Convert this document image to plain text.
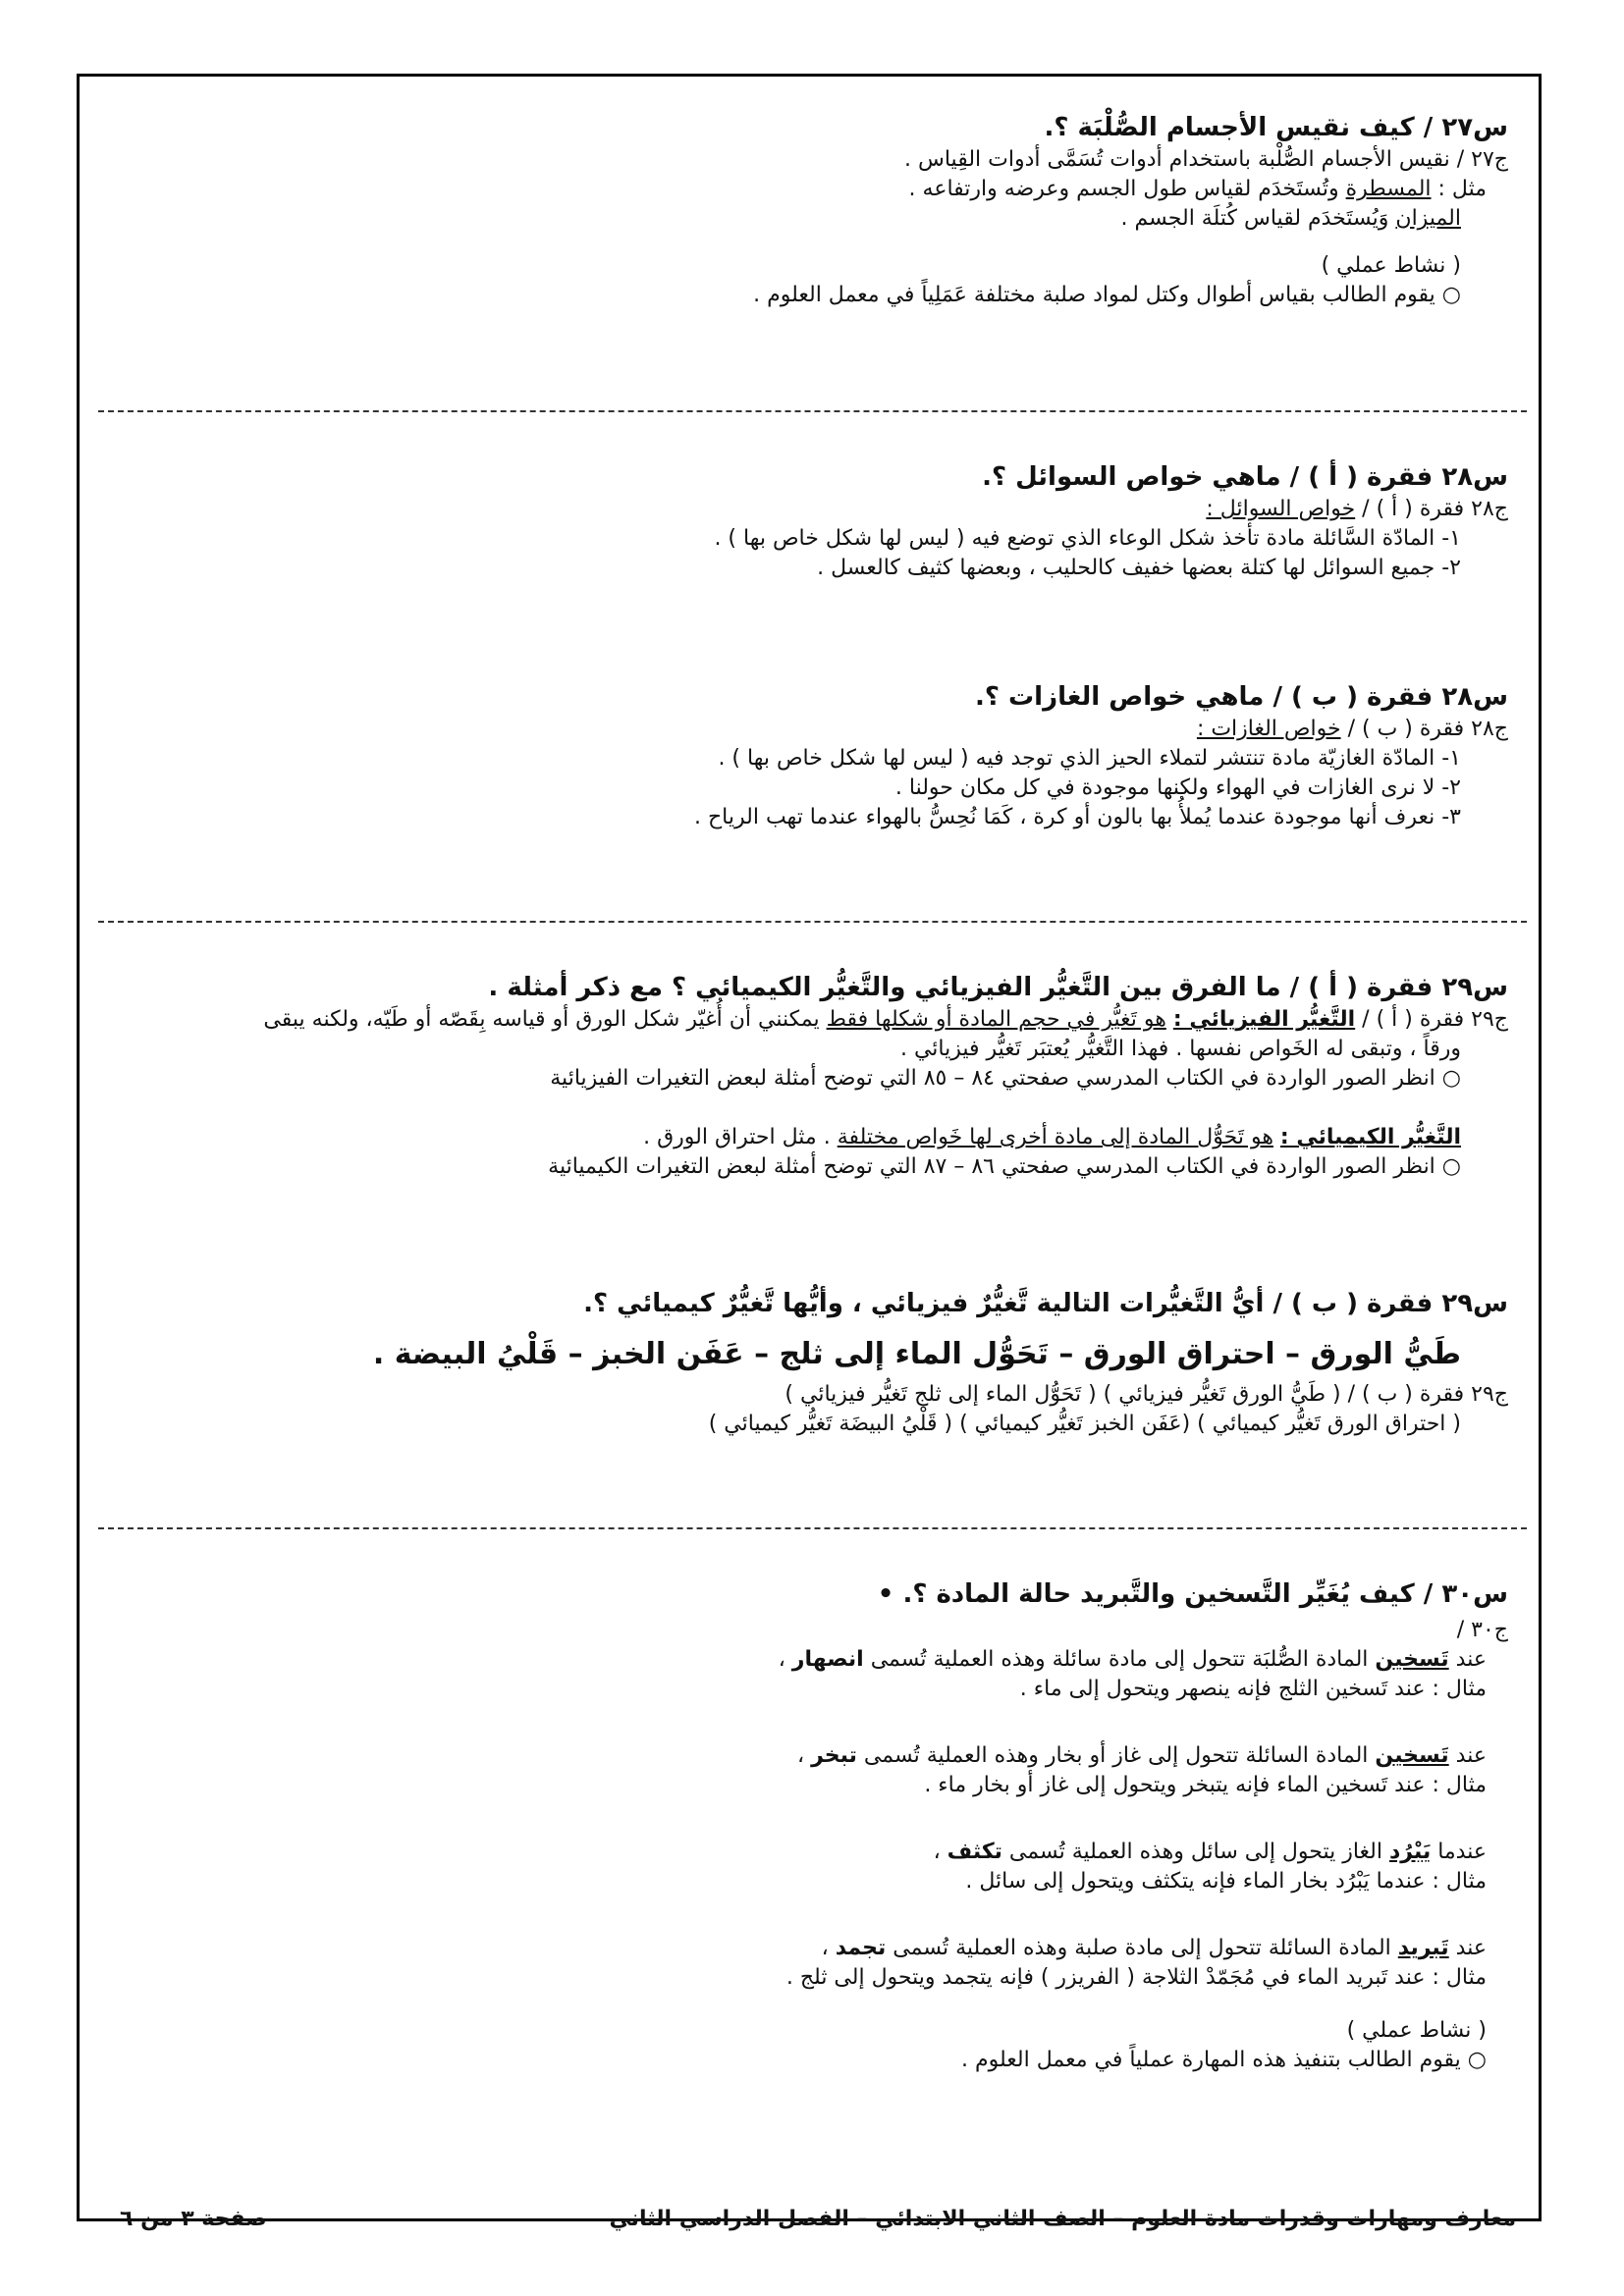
س٢٧ / كيف نقيس الأجسام الصُّلْبَة ؟.
ج٢٧ / نقيس الأجسام الصُّلْبة باستخدام أدوات تُسَمَّى أدوات القِياس .
مثل : المسطرة وتُستَخدَم لقياس طول الجسم وعرضه وارتفاعه .
الميزان وَيُستَخدَم لقياس كُتلَة الجسم .
( نشاط عملي )
○ يقوم الطالب بقياس أطوال وكتل لمواد صلبة مختلفة عَمَلِياً في معمل العلوم .
س٢٨ فقرة ( أ ) / ماهي خواص السوائل ؟.
ج٢٨ فقرة ( أ ) / خواص السوائل :
١- المادّة السَّائلة مادة تأخذ شكل الوعاء الذي توضع فيه ( ليس لها شكل خاص بها ) .
٢- جميع السوائل لها كتلة بعضها خفيف كالحليب ، وبعضها كثيف كالعسل .
س٢٨ فقرة ( ب ) / ماهي خواص الغازات ؟.
ج٢٨ فقرة ( ب ) / خواص الغازات :
١- المادّة الغازيّة مادة تنتشر لتملاء الحيز الذي توجد فيه ( ليس لها شكل خاص بها ) .
٢- لا نرى الغازات في الهواء ولكنها موجودة في كل مكان حولنا .
٣- نعرف أنها موجودة عندما يُملأُ بها بالون أو كرة ، كَمَا نُحِسُّ بالهواء عندما تهب الرياح .
س٢٩ فقرة ( أ ) / ما الفرق بين التَّغيُّر الفيزيائي والتَّغيُّر الكيميائي ؟ مع ذكر أمثلة .
ج٢٩ فقرة ( أ ) / التَّغيُّر الفيزيائي : هو تَغيُّر في حجم المادة أو شكلها فقط يمكنني أن أُغيّر شكل الورق أو قياسه بِقَصّه أو طَيّه، ولكنه يبقى
ورقاً ، وتبقى له الخَواص نفسها . فهذا التَّغيُّر يُعتبَر تَغيُّر فيزيائي .
○ انظر الصور الواردة في الكتاب المدرسي صفحتي ٨٤ – ٨٥ التي توضح أمثلة لبعض التغيرات الفيزيائية
التَّغيُّر الكيميائي : هو تَحَوُّل المادة إلى مادة أخرى لها خَواص مختلفة . مثل احتراق الورق .
○ انظر الصور الواردة في الكتاب المدرسي صفحتي ٨٦ – ٨٧ التي توضح أمثلة لبعض التغيرات الكيميائية
س٢٩ فقرة ( ب ) / أيُّ التَّغيُّرات التالية تَّغيُّرٌ فيزيائي ، وأيُّها تَّغيُّرٌ كيميائي ؟.
طَيُّ الورق – احتراق الورق – تَحَوُّل الماء إلى ثلج – عَفَن الخبز – قَلْيُ البيضة .
ج٢٩ فقرة ( ب ) / ( طَيُّ الورق تَغيُّر فيزيائي ) ( تَحَوُّل الماء إلى ثلج تَغيُّر فيزيائي )
( احتراق الورق تَغيُّر كيميائي ) (عَفَن الخبز تَغيُّر كيميائي ) ( قَلْيُ البيضَة تَغيُّر كيميائي )
س٣٠ / كيف يُغَيِّر التَّسخين والتَّبريد حالة المادة ؟. •
ج٣٠ /
عند تَسخين المادة الصُّلبَة تتحول إلى مادة سائلة وهذه العملية تُسمى انصهار ،
مثال : عند تَسخين الثلج فإنه ينصهر ويتحول إلى ماء .
عند تَسخين المادة السائلة تتحول إلى غاز أو بخار وهذه العملية تُسمى تبخر ،
مثال : عند تَسخين الماء فإنه يتبخر ويتحول إلى غاز أو بخار ماء .
عندما يَبْرُد الغاز يتحول إلى سائل وهذه العملية تُسمى تكثف ،
مثال : عندما يَبْرُد بخار الماء فإنه يتكثف ويتحول إلى سائل .
عند تَبريد المادة السائلة تتحول إلى مادة صلبة وهذه العملية تُسمى تجمد ،
مثال : عند تَبريد الماء في مُجَمّدْ الثلاجة ( الفريزر ) فإنه يتجمد ويتحول إلى ثلج .
( نشاط عملي )
○ يقوم الطالب بتنفيذ هذه المهارة عملياً في معمل العلوم .
معارف ومهارات وقدرات مادة العلوم – الصف الثاني الابتدائي – الفصل الدراسي الثاني
صفحة ٣ من ٦
